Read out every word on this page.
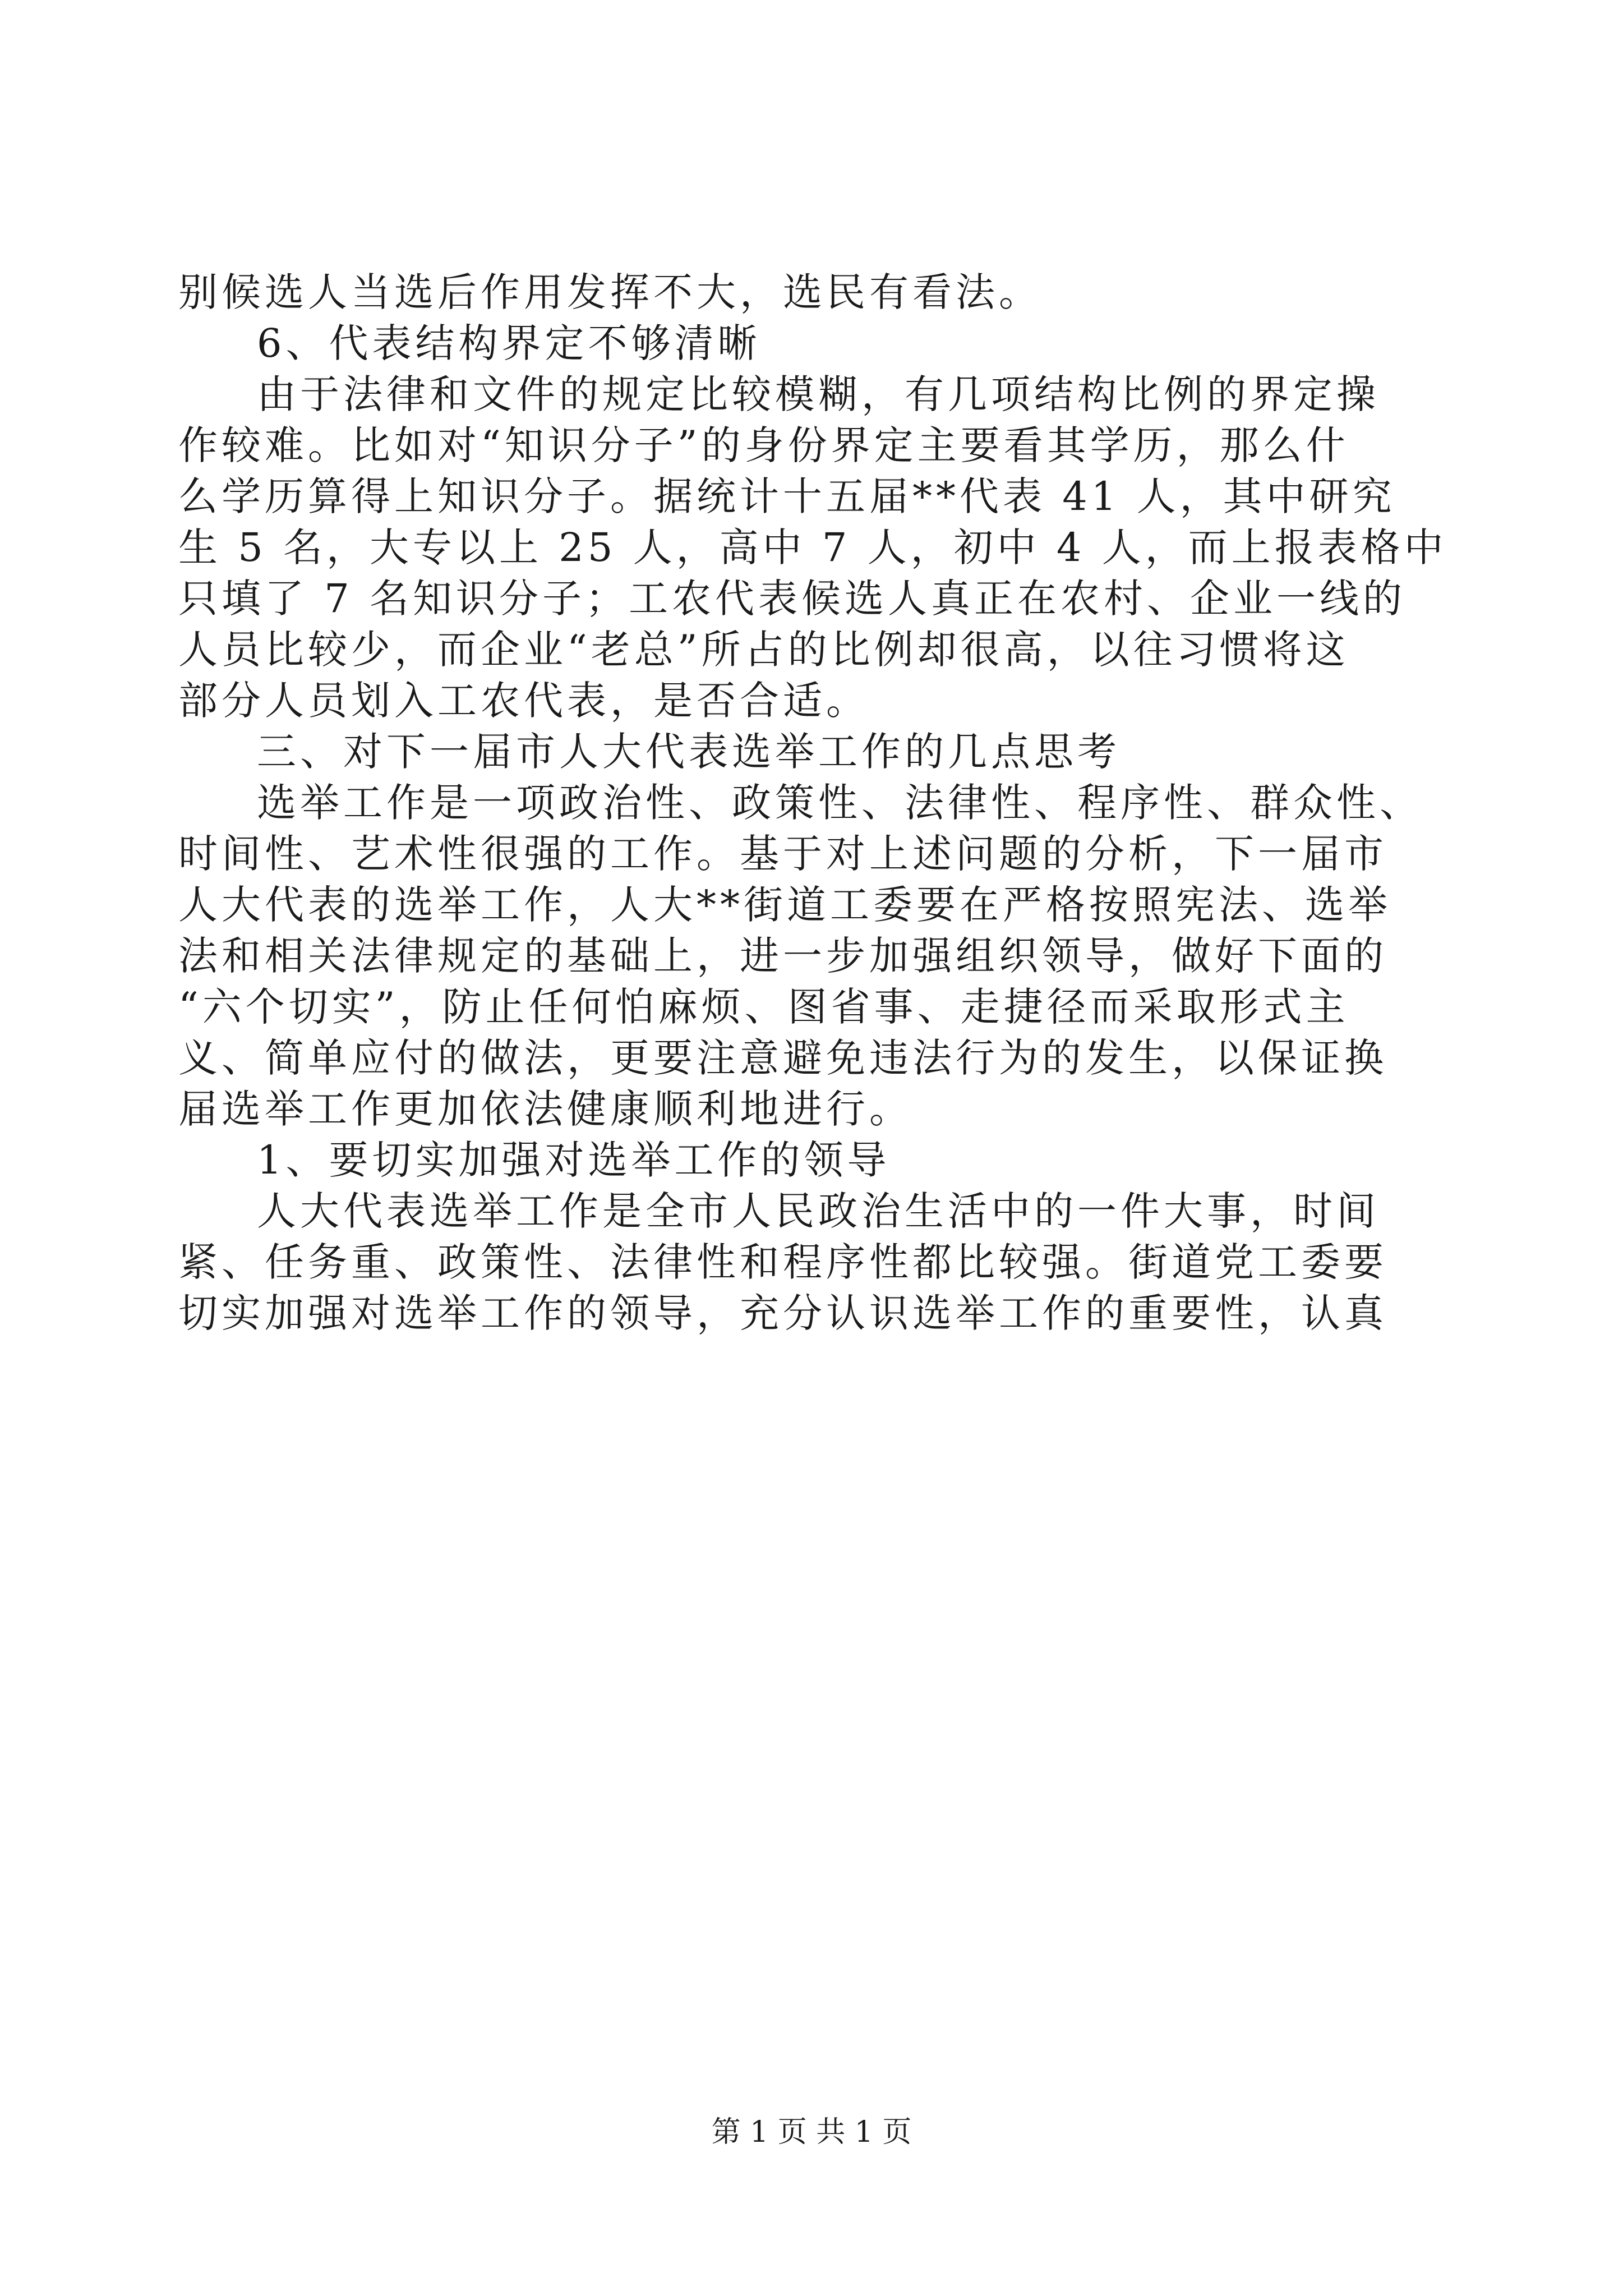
别候选人当选后作用发挥不大，选民有看法。

6、代表结构界定不够清晰

由于法律和文件的规定比较模糊，有几项结构比例的界定操

作较难。比如对“知识分子”的身份界定主要看其学历，那么什

么学历算得上知识分子。据统计十五届**代表 41 人，其中研究

生 5 名，大专以上 25 人，高中 7 人，初中 4 人，而上报表格中

只填了 7 名知识分子；工农代表候选人真正在农村、企业一线的

人员比较少，而企业“老总”所占的比例却很高，以往习惯将这

部分人员划入工农代表，是否合适。

三、对下一届市人大代表选举工作的几点思考

选举工作是一项政治性、政策性、法律性、程序性、群众性、

时间性、艺术性很强的工作。基于对上述问题的分析，下一届市

人大代表的选举工作，人大**街道工委要在严格按照宪法、选举

法和相关法律规定的基础上，进一步加强组织领导，做好下面的

“六个切实”，防止任何怕麻烦、图省事、走捷径而采取形式主

义、简单应付的做法，更要注意避免违法行为的发生，以保证换

届选举工作更加依法健康顺利地进行。

1、要切实加强对选举工作的领导

人大代表选举工作是全市人民政治生活中的一件大事，时间

紧、任务重、政策性、法律性和程序性都比较强。街道党工委要

切实加强对选举工作的领导，充分认识选举工作的重要性，认真

第 1 页 共 1 页
